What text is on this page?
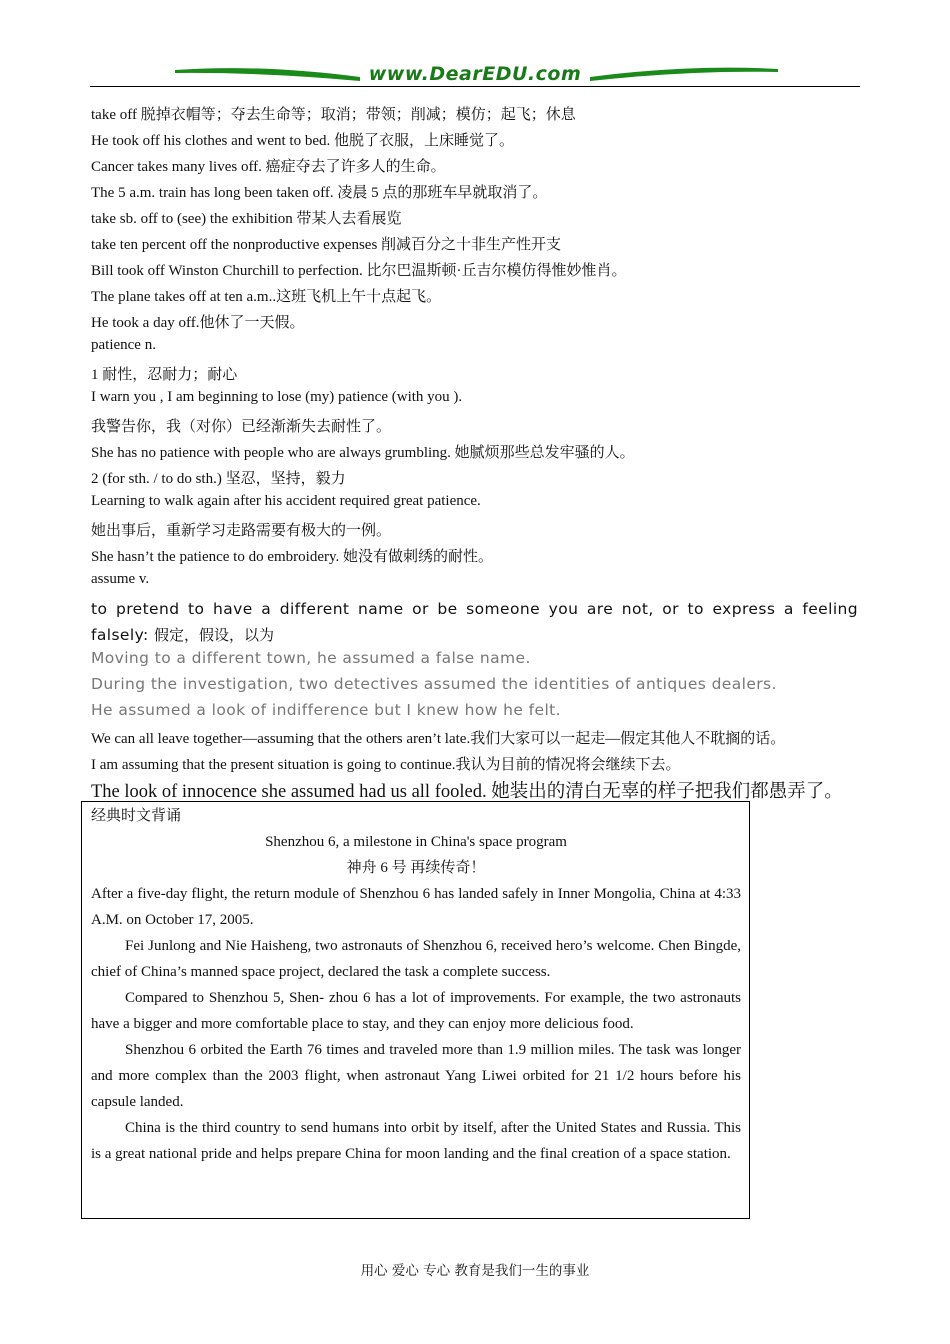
www.DearEDU.com
take off 脱掉衣帽等；夺去生命等；取消；带领；削减；模仿；起飞；休息
He took off his clothes and went to bed. 他脱了衣服，上床睡觉了。
Cancer takes many lives off. 癌症夺去了许多人的生命。
The 5 a.m. train has long been taken off. 凌晨 5 点的那班车早就取消了。
take sb. off to (see) the exhibition 带某人去看展览
take ten percent off the nonproductive expenses 削减百分之十非生产性开支
Bill took off Winston Churchill to perfection. 比尔巴温斯顿·丘吉尔模仿得惟妙惟肖。
The plane takes off at ten a.m..这班飞机上午十点起飞。
He took a day off.他休了一天假。
patience n.
1 耐性，忍耐力；耐心
I warn you , I am beginning to lose (my) patience (with you ).
我警告你，我（对你）已经渐渐失去耐性了。
She has no patience with people who are always grumbling. 她腻烦那些总发牢骚的人。
2 (for sth. / to do sth.) 坚忍，坚持，毅力
Learning to walk again after his accident required great patience.
她出事后，重新学习走路需要有极大的一例。
She hasn’t the patience to do embroidery. 她没有做刺绣的耐性。
assume v.
to pretend to have a different name or be someone you are not, or to express a feeling falsely: 假定，假设，以为
Moving to a different town, he assumed a false name.
During the investigation, two detectives assumed the identities of antiques dealers.
He assumed a look of indifference but I knew how he felt.
We can all leave together—assuming that the others aren’t late.我们大家可以一起走—假定其他人不耽搁的话。
I am assuming that the present situation is going to continue.我认为目前的情况将会继续下去。
The look of innocence she assumed had us all fooled. 她装出的清白无辜的样子把我们都愚弄了。
经典时文背诵
Shenzhou 6, a milestone in China's space program
神舟 6 号 再续传奇！

After a five-day flight, the return module of Shenzhou 6 has landed safely in Inner Mongolia, China at 4:33 A.M. on October 17, 2005.

Fei Junlong and Nie Haisheng, two astronauts of Shenzhou 6, received hero’s welcome. Chen Bingde, chief of China’s manned space project, declared the task a complete success.

Compared to Shenzhou 5, Shen- zhou 6 has a lot of improvements. For example, the two astronauts have a bigger and more comfortable place to stay, and they can enjoy more delicious food.

Shenzhou 6 orbited the Earth 76 times and traveled more than 1.9 million miles. The task was longer and more complex than the 2003 flight, when astronaut Yang Liwei orbited for 21 1/2 hours before his capsule landed.

China is the third country to send humans into orbit by itself, after the United States and Russia. This is a great national pride and helps prepare China for moon landing and the final creation of a space station.

用心 爱心 专心 教育是我们一生的事业
